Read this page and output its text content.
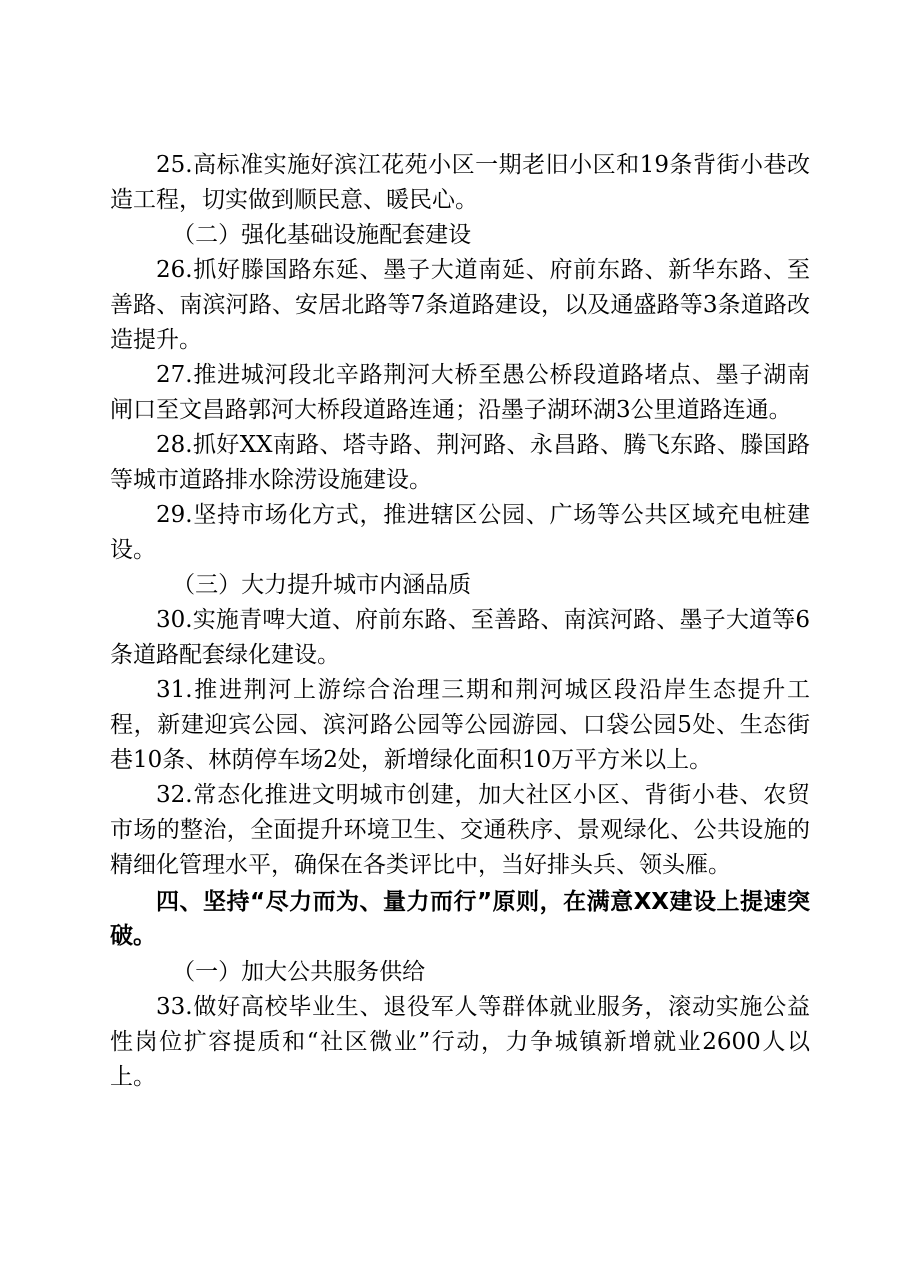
25.高标准实施好滨江花苑小区一期老旧小区和19条背街小巷改造工程，切实做到顺民意、暖民心。

（二）强化基础设施配套建设

26.抓好滕国路东延、墨子大道南延、府前东路、新华东路、至善路、南滨河路、安居北路等7条道路建设，以及通盛路等3条道路改造提升。

27.推进城河段北辛路荆河大桥至愚公桥段道路堵点、墨子湖南闸口至文昌路郭河大桥段道路连通；沿墨子湖环湖3公里道路连通。

28.抓好XX南路、塔寺路、荆河路、永昌路、腾飞东路、滕国路等城市道路排水除涝设施建设。

29.坚持市场化方式，推进辖区公园、广场等公共区域充电桩建设。

（三）大力提升城市内涵品质

30.实施青啤大道、府前东路、至善路、南滨河路、墨子大道等6条道路配套绿化建设。

31.推进荆河上游综合治理三期和荆河城区段沿岸生态提升工程，新建迎宾公园、滨河路公园等公园游园、口袋公园5处、生态街巷10条、林荫停车场2处，新增绿化面积10万平方米以上。

32.常态化推进文明城市创建，加大社区小区、背街小巷、农贸市场的整治，全面提升环境卫生、交通秩序、景观绿化、公共设施的精细化管理水平，确保在各类评比中，当好排头兵、领头雁。

四、坚持“尽力而为、量力而行”原则，在满意XX建设上提速突破。

（一）加大公共服务供给

33.做好高校毕业生、退役军人等群体就业服务，滚动实施公益性岗位扩容提质和“社区微业”行动，力争城镇新增就业2600人以上。
